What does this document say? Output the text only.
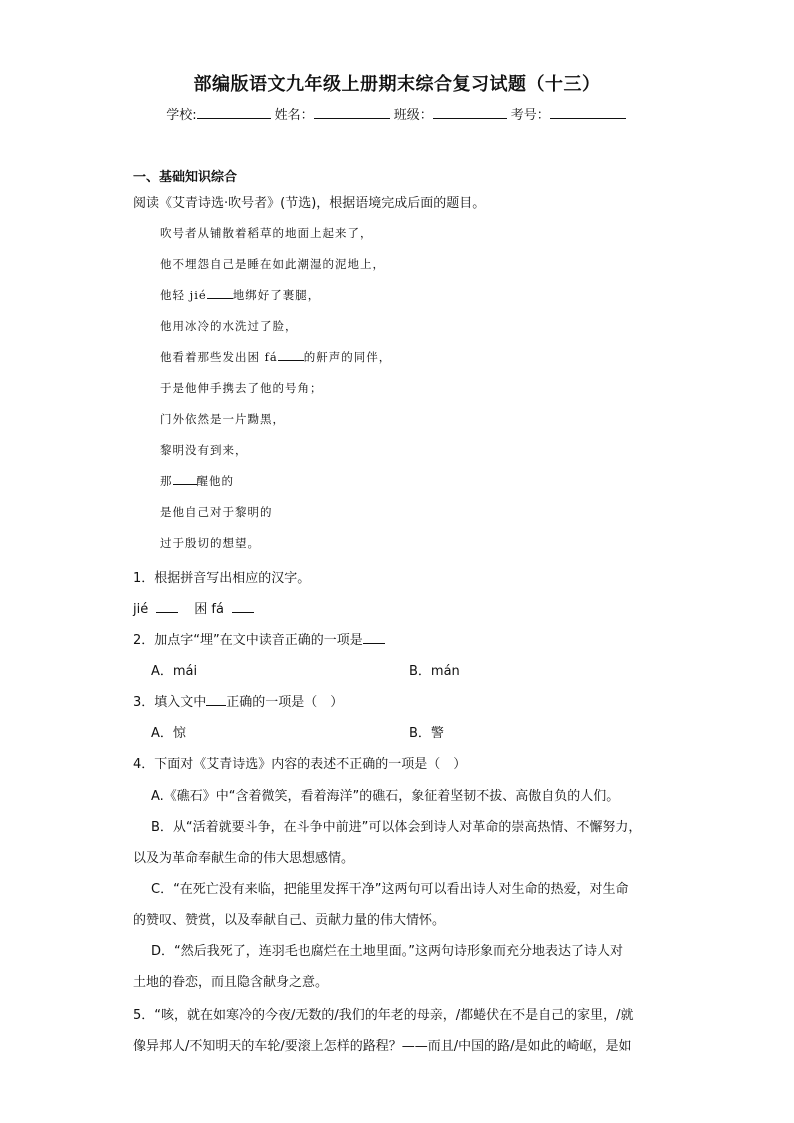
部编版语文九年级上册期末综合复习试题（十三）
学校:	姓名：	班级：	考号：
一、基础知识综合
阅读《艾青诗选·吹号者》(节选)，根据语境完成后面的题目。
吹号者从铺散着稻草的地面上起来了，
他不埋怨自己是睡在如此潮湿的泥地上，
他轻 jié 地绑好了裹腿，
他用冰冷的水洗过了脸，
他看着那些发出困 fá 的鼾声的同伴，
于是他伸手携去了他的号角；
门外依然是一片黝黑，
黎明没有到来，
那 醒他的
是他自己对于黎明的
过于殷切的想望。
1．根据拼音写出相应的汉字。
jié	困 fá
2．加点字“埋”在文中读音正确的一项是
A．mái	B．mán
3．填入文中 正确的一项是（　）
A．惊	B．警
4．下面对《艾青诗选》内容的表述不正确的一项是（　）
A.《礁石》中“含着微笑，看着海洋”的礁石，象征着坚韧不拔、高傲自负的人们。
B．从“活着就要斗争，在斗争中前进”可以体会到诗人对革命的崇高热情、不懈努力，
以及为革命奉献生命的伟大思想感情。
C．“在死亡没有来临，把能里发挥干净”这两句可以看出诗人对生命的热爱，对生命
的赞叹、赞赏，以及奉献自己、贡献力量的伟大情怀。
D．“然后我死了，连羽毛也腐烂在土地里面。”这两句诗形象而充分地表达了诗人对
土地的眷恋，而且隐含献身之意。
5．“咳，就在如寒冷的今夜/无数的/我们的年老的母亲，/都蜷伏在不是自己的家里，/就
像异邦人/不知明天的车轮/要滚上怎样的路程？——而且/中国的路/是如此的崎岖，是如
